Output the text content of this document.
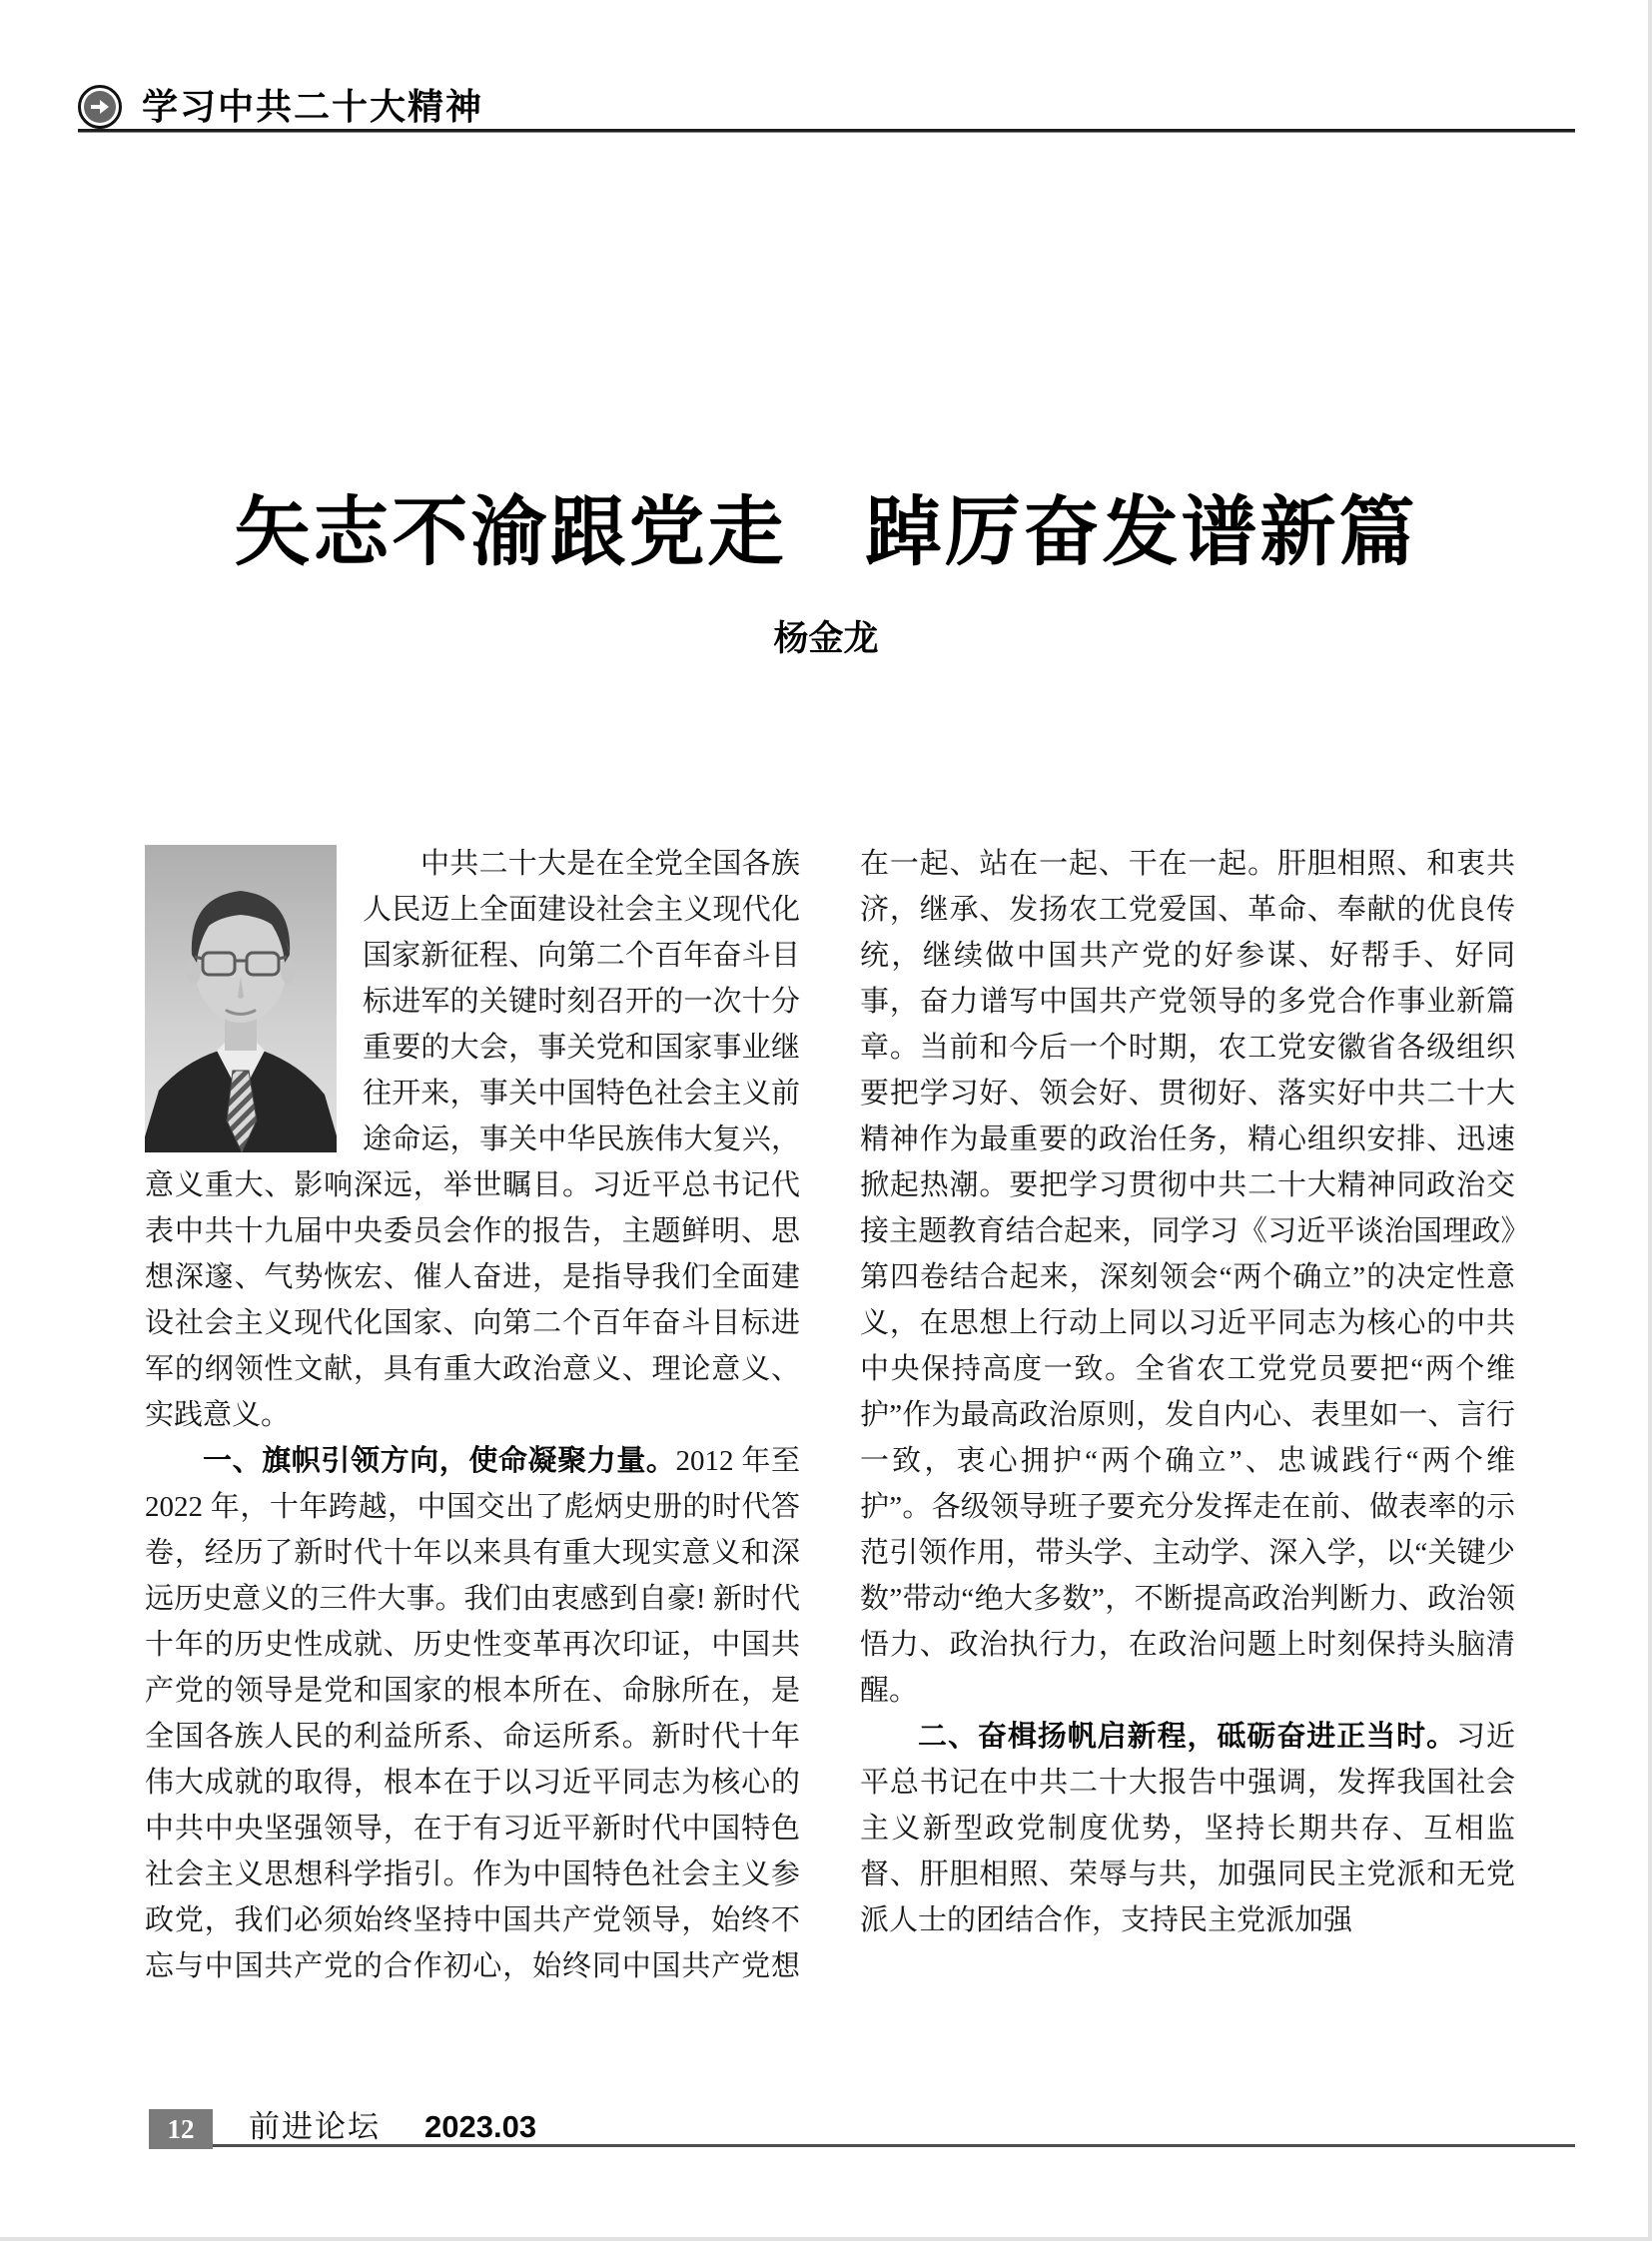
学习中共二十大精神
矢志不渝跟党走　踔厉奋发谱新篇
杨金龙

中共二十大是在全党全国各族人民迈上全面建设社会主义现代化国家新征程、向第二个百年奋斗目标进军的关键时刻召开的一次十分重要的大会，事关党和国家事业继往开来，事关中国特色社会主义前途命运，事关中华民族伟大复兴，意义重大、影响深远，举世瞩目。习近平总书记代表中共十九届中央委员会作的报告，主题鲜明、思想深邃、气势恢宏、催人奋进，是指导我们全面建设社会主义现代化国家、向第二个百年奋斗目标进军的纲领性文献，具有重大政治意义、理论意义、实践意义。

一、旗帜引领方向，使命凝聚力量。2012 年至 2022 年，十年跨越，中国交出了彪炳史册的时代答卷，经历了新时代十年以来具有重大现实意义和深远历史意义的三件大事。我们由衷感到自豪! 新时代十年的历史性成就、历史性变革再次印证，中国共产党的领导是党和国家的根本所在、命脉所在，是全国各族人民的利益所系、命运所系。新时代十年伟大成就的取得，根本在于以习近平同志为核心的中共中央坚强领导，在于有习近平新时代中国特色社会主义思想科学指引。作为中国特色社会主义参政党，我们必须始终坚持中国共产党领导，始终不忘与中国共产党的合作初心，始终同中国共产党想在一起、站在一起、干在一起。肝胆相照、和衷共济，继承、发扬农工党爱国、革命、奉献的优良传统，继续做中国共产党的好参谋、好帮手、好同事，奋力谱写中国共产党领导的多党合作事业新篇章。当前和今后一个时期，农工党安徽省各级组织要把学习好、领会好、贯彻好、落实好中共二十大精神作为最重要的政治任务，精心组织安排、迅速掀起热潮。要把学习贯彻中共二十大精神同政治交接主题教育结合起来，同学习《习近平谈治国理政》第四卷结合起来，深刻领会“两个确立”的决定性意义，在思想上行动上同以习近平同志为核心的中共中央保持高度一致。全省农工党党员要把“两个维护”作为最高政治原则，发自内心、表里如一、言行一致，衷心拥护“两个确立”、忠诚践行“两个维护”。各级领导班子要充分发挥走在前、做表率的示范引领作用，带头学、主动学、深入学，以“关键少数”带动“绝大多数”，不断提高政治判断力、政治领悟力、政治执行力，在政治问题上时刻保持头脑清醒。

二、奋楫扬帆启新程，砥砺奋进正当时。习近平总书记在中共二十大报告中强调，发挥我国社会主义新型政党制度优势，坚持长期共存、互相监督、肝胆相照、荣辱与共，加强同民主党派和无党派人士的团结合作，支持民主党派加强

12	前进论坛 2023.03
